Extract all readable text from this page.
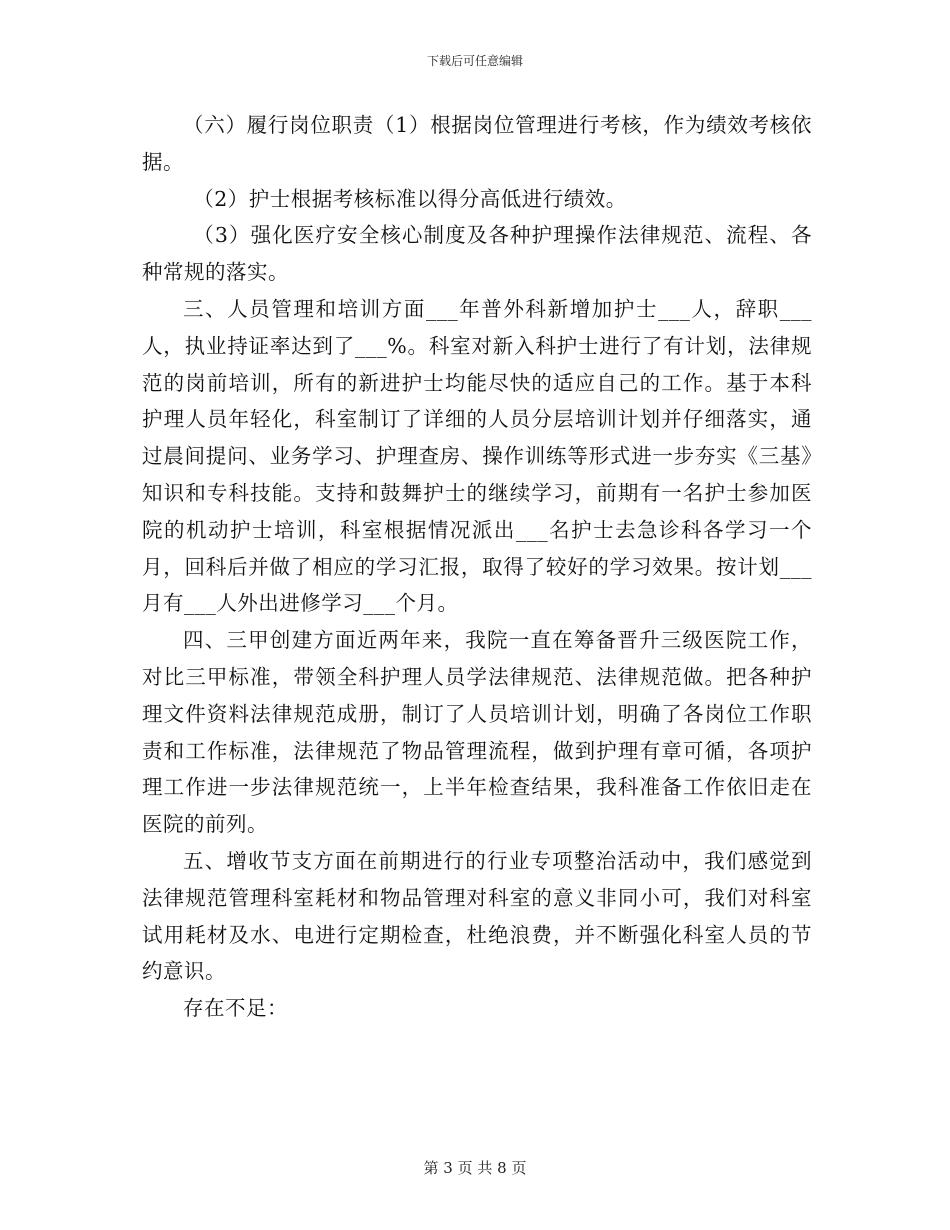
下载后可任意编辑

（六）履行岗位职责（1）根据岗位管理进行考核，作为绩效考核依据。

（2）护士根据考核标准以得分高低进行绩效。

（3）强化医疗安全核心制度及各种护理操作法律规范、流程、各种常规的落实。

三、人员管理和培训方面___年普外科新增加护士___人，辞职___人，执业持证率达到了___%。科室对新入科护士进行了有计划，法律规范的岗前培训，所有的新进护士均能尽快的适应自己的工作。基于本科护理人员年轻化，科室制订了详细的人员分层培训计划并仔细落实，通过晨间提问、业务学习、护理查房、操作训练等形式进一步夯实《三基》知识和专科技能。支持和鼓舞护士的继续学习，前期有一名护士参加医院的机动护士培训，科室根据情况派出___名护士去急诊科各学习一个月，回科后并做了相应的学习汇报，取得了较好的学习效果。按计划___月有___人外出进修学习___个月。

四、三甲创建方面近两年来，我院一直在筹备晋升三级医院工作，对比三甲标准，带领全科护理人员学法律规范、法律规范做。把各种护理文件资料法律规范成册，制订了人员培训计划，明确了各岗位工作职责和工作标准，法律规范了物品管理流程，做到护理有章可循，各项护理工作进一步法律规范统一，上半年检查结果，我科准备工作依旧走在医院的前列。

五、增收节支方面在前期进行的行业专项整治活动中，我们感觉到法律规范管理科室耗材和物品管理对科室的意义非同小可，我们对科室试用耗材及水、电进行定期检查，杜绝浪费，并不断强化科室人员的节约意识。

存在不足：

第 3 页 共 8 页
